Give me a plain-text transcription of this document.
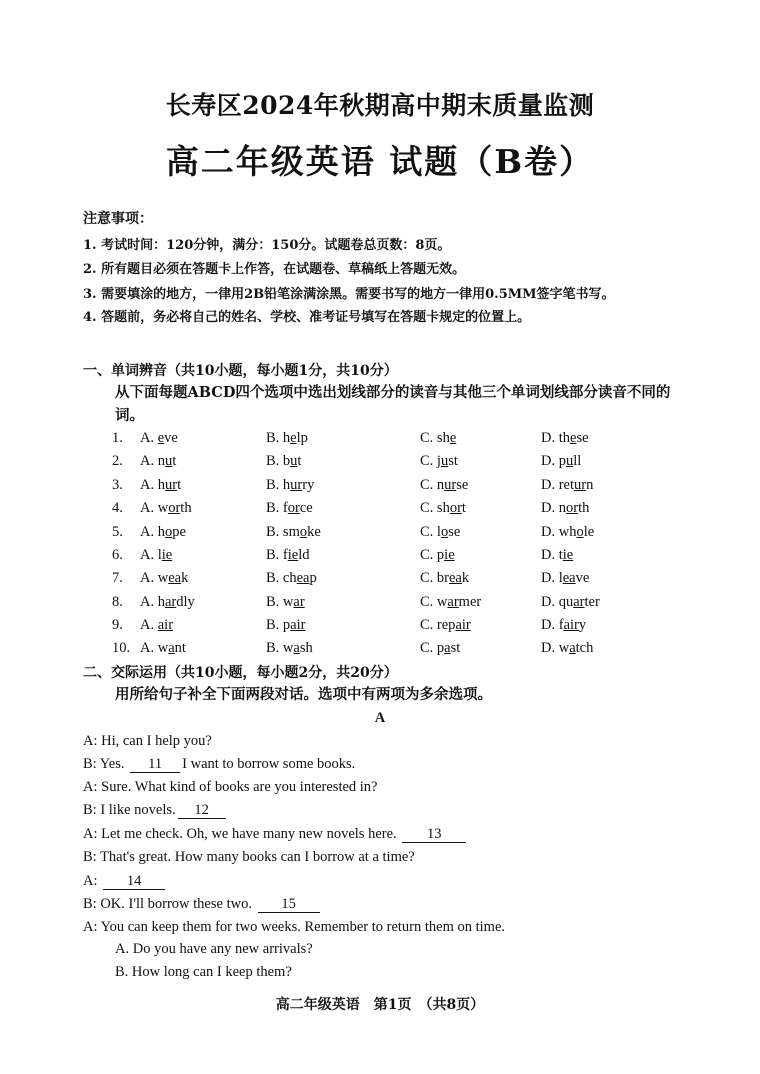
长寿区2024年秋期高中期末质量监测
高二年级英语 试题（B卷）
注意事项：
1. 考试时间：120分钟，满分：150分。试题卷总页数：8页。
2. 所有题目必须在答题卡上作答，在试题卷、草稿纸上答题无效。
3. 需要填涂的地方，一律用2B铅笔涂满涂黑。需要书写的地方一律用0.5MM签字笔书写。
4. 答题前，务必将自己的姓名、学校、准考证号填写在答题卡规定的位置上。
一、单词辨音（共10小题，每小题1分，共10分）
从下面每题ABCD四个选项中选出划线部分的读音与其他三个单词划线部分读音不同的词。
1. A. eve	B. help	C. she	D. these
2. A. nut	B. but	C. just	D. pull
3. A. hurt	B. hurry	C. nurse	D. return
4. A. worth	B. force	C. short	D. north
5. A. hope	B. smoke	C. lose	D. whole
6. A. lie	B. field	C. pie	D. tie
7. A. weak	B. cheap	C. break	D. leave
8. A. hardly	B. war	C. warmer	D. quarter
9. A. air	B. pair	C. repair	D. fairy
10. A. want	B. wash	C. past	D. watch
二、交际运用（共10小题，每小题2分，共20分）
用所给句子补全下面两段对话。选项中有两项为多余选项。
A
A: Hi, can I help you?
B: Yes. 11 I want to borrow some books.
A: Sure. What kind of books are you interested in?
B: I like novels. 12
A: Let me check. Oh, we have many new novels here. 13
B: That's great. How many books can I borrow at a time?
A: 14
B: OK. I'll borrow these two. 15
A: You can keep them for two weeks. Remember to return them on time.
A. Do you have any new arrivals?
B. How long can I keep them?
高二年级英语　第1页　（共8页）
